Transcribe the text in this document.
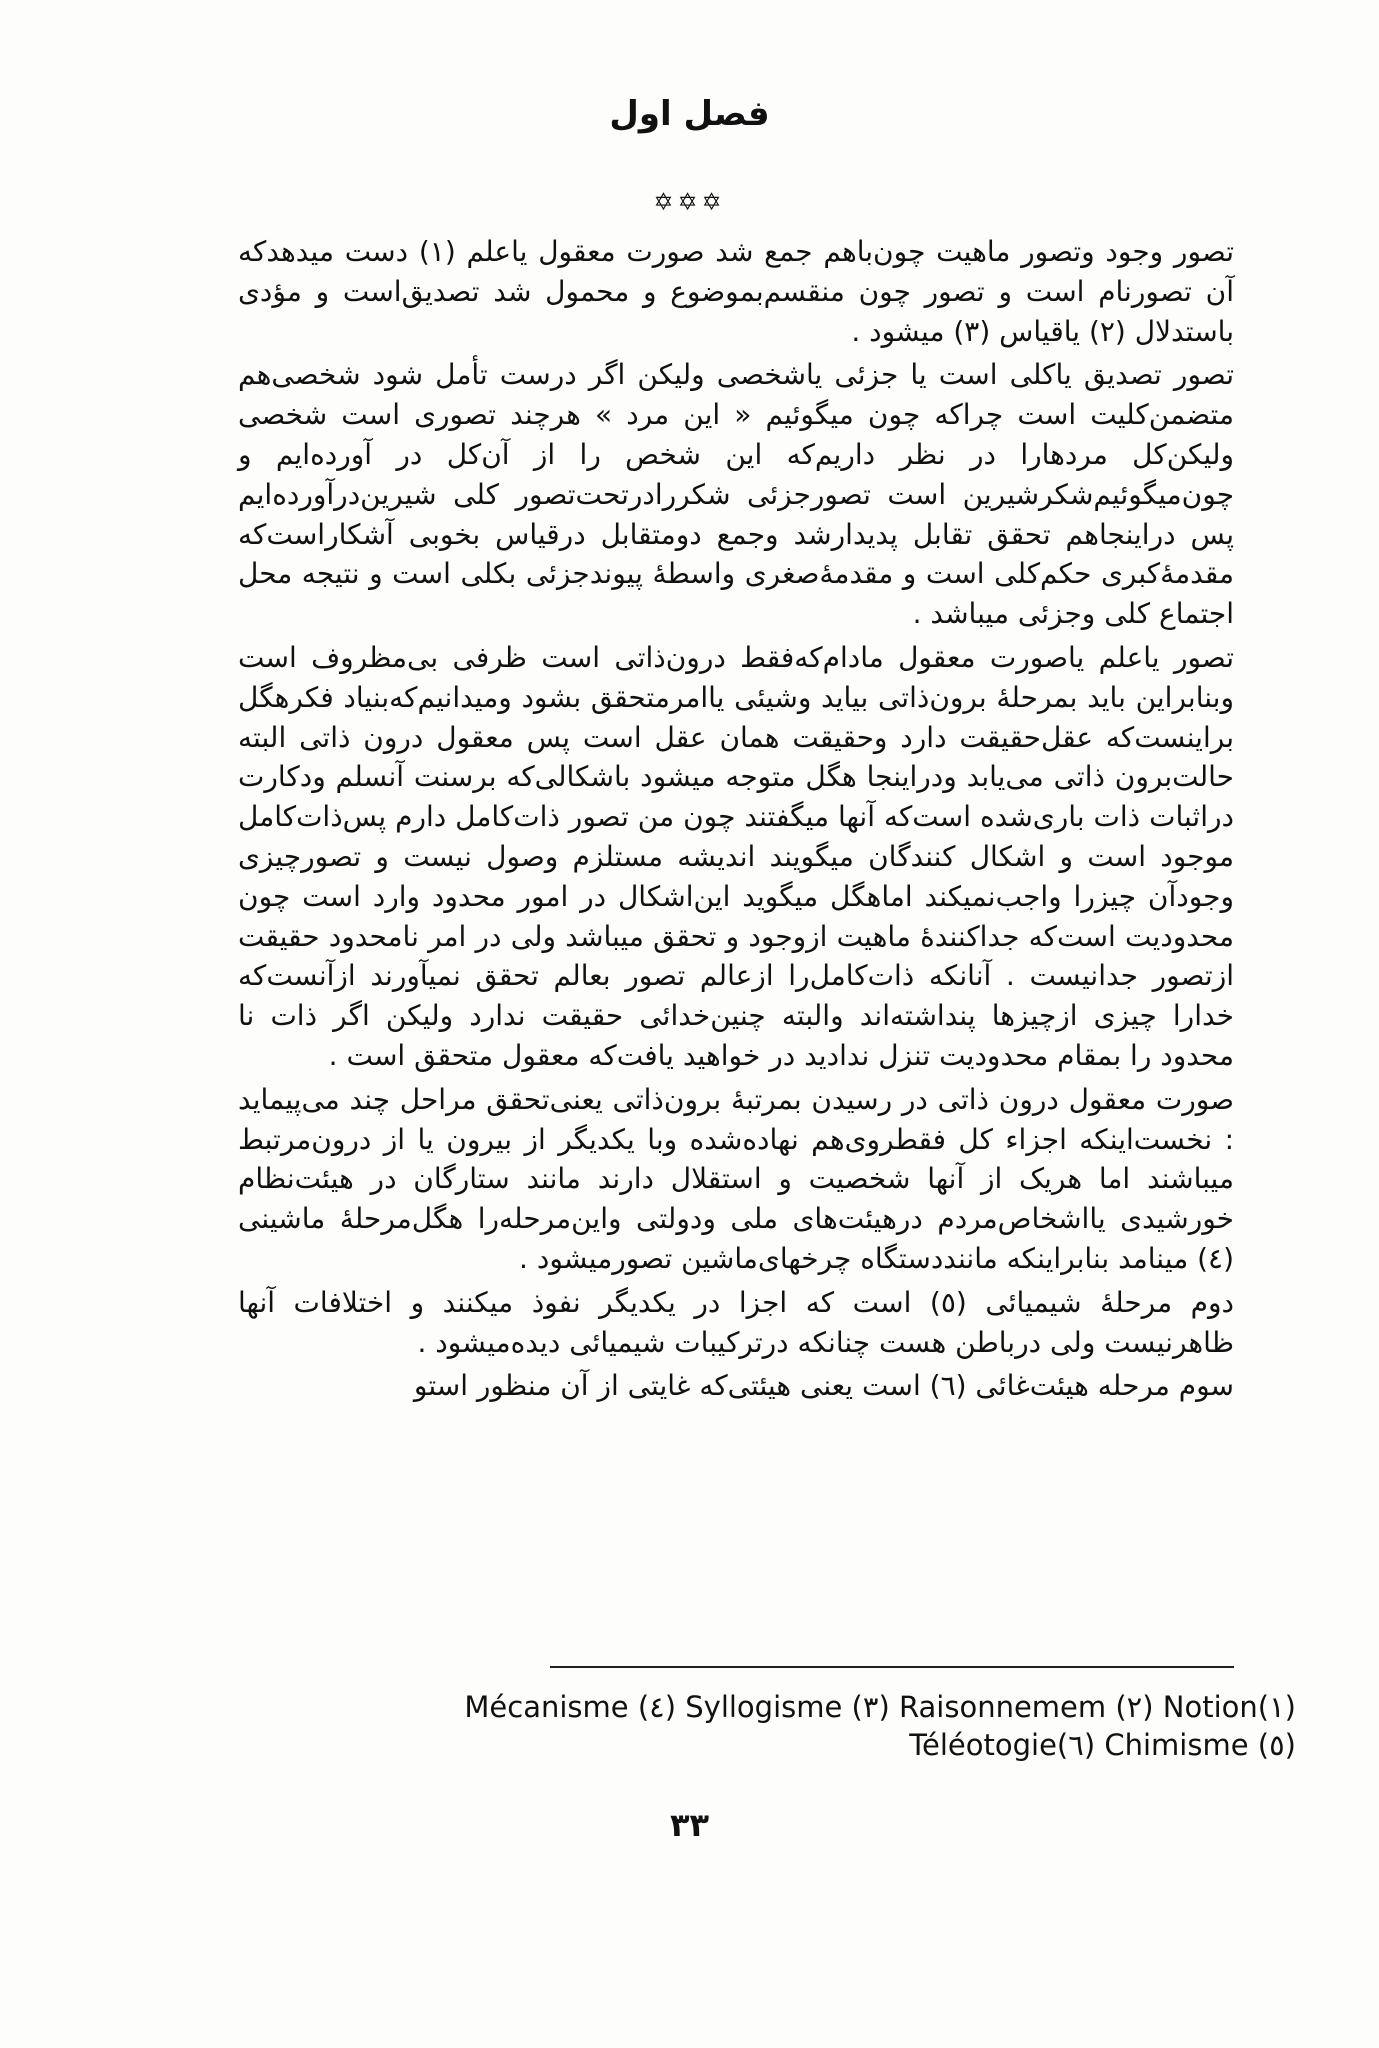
فصل اول
✡✡✡

تصور وجود وتصور ماهیت چون‌باهم جمع شد صورت معقول یاعلم (۱) دست میدهدکه آن تصورنام است و تصور چون منقسم‌بموضوع و محمول شد تصدیق‌است و مؤدی باستدلال (۲) یاقیاس (۳) میشود .

تصور تصدیق یاکلی است یا جزئی یاشخصی ولیکن اگر درست تأمل شود شخصی‌هم متضمن‌کلیت است چراکه چون میگوئیم « این مرد » هرچند تصوری است شخصی ولیکن‌کل مردهارا در نظر داریم‌که این شخص را از آن‌کل در آورده‌ایم و چون‌میگوئیم‌شکرشیرین است تصورجزئی شکررادرتحت‌تصور کلی شیرین‌درآورده‌ایم پس دراینجاهم تحقق تقابل پدیدارشد وجمع دومتقابل درقیاس بخوبی آشکاراست‌که مقدمهٔ‌کبری حکم‌کلی است و مقدمهٔ‌صغری واسطهٔ پیوندجزئی بکلی است و نتیجه محل اجتماع کلی وجزئی میباشد .

تصور یاعلم یاصورت معقول مادام‌که‌فقط درون‌ذاتی است ظرفی بی‌مظروف است وبنابراین باید بمرحلهٔ برون‌ذاتی بیاید وشیئی یاامرمتحقق بشود ومیدانیم‌که‌بنیاد فکرهگل براینست‌که عقل‌حقیقت دارد وحقیقت همان عقل است پس معقول درون ذاتی البته حالت‌برون ذاتی می‌یابد ودراینجا هگل متوجه میشود باشکالی‌که برسنت آنسلم ودکارت دراثبات ذات باری‌شده است‌که آنها میگفتند چون من تصور ذات‌کامل دارم پس‌ذات‌کامل موجود است و اشکال کنندگان میگویند اندیشه مستلزم وصول نیست و تصورچیزی وجودآن چیزرا واجب‌نمیکند اماهگل میگوید این‌اشکال در امور محدود وارد است چون محدودیت است‌که جداکنندهٔ ماهیت ازوجود و تحقق میباشد ولی در امر نامحدود حقیقت ازتصور جدانیست . آنانکه ذات‌کامل‌را ازعالم تصور بعالم تحقق نمیآورند ازآنست‌که خدارا چیزی ازچیزها پنداشته‌اند والبته چنین‌خدائی حقیقت ندارد ولیکن اگر ذات نا محدود را بمقام محدودیت تنزل ندادید در خواهید یافت‌که معقول متحقق است .

صورت معقول درون ذاتی در رسیدن بمرتبهٔ برون‌ذاتی یعنی‌تحقق مراحل چند می‌پیماید : نخست‌اینکه اجزاء کل فقطروی‌هم نهاده‌شده وبا یکدیگر از بیرون یا از درون‌مرتبط میباشند اما هریک از آنها شخصیت و استقلال دارند مانند ستارگان در هیئت‌نظام خورشیدی یااشخاص‌مردم درهیئت‌های ملی ودولتی واین‌مرحله‌را هگل‌مرحلهٔ ماشینی (٤) مینامد بنابراینکه ماننددستگاه چرخهای‌ماشین تصورمیشود .

دوم مرحلهٔ شیمیائی (٥) است که اجزا در یکدیگر نفوذ میکنند و اختلافات آنها ظاهرنیست ولی درباطن هست چنانکه درترکیبات شیمیائی دیده‌میشود .

سوم مرحله هیئت‌غائی (٦) است یعنی هیئتی‌که غایتی از آن منظور استو

Mécanisme (٤) Syllogisme (٣) Raisonnemem (٢) Notion(١)
Téléotogie(٦) Chimisme (٥)
٣٣
